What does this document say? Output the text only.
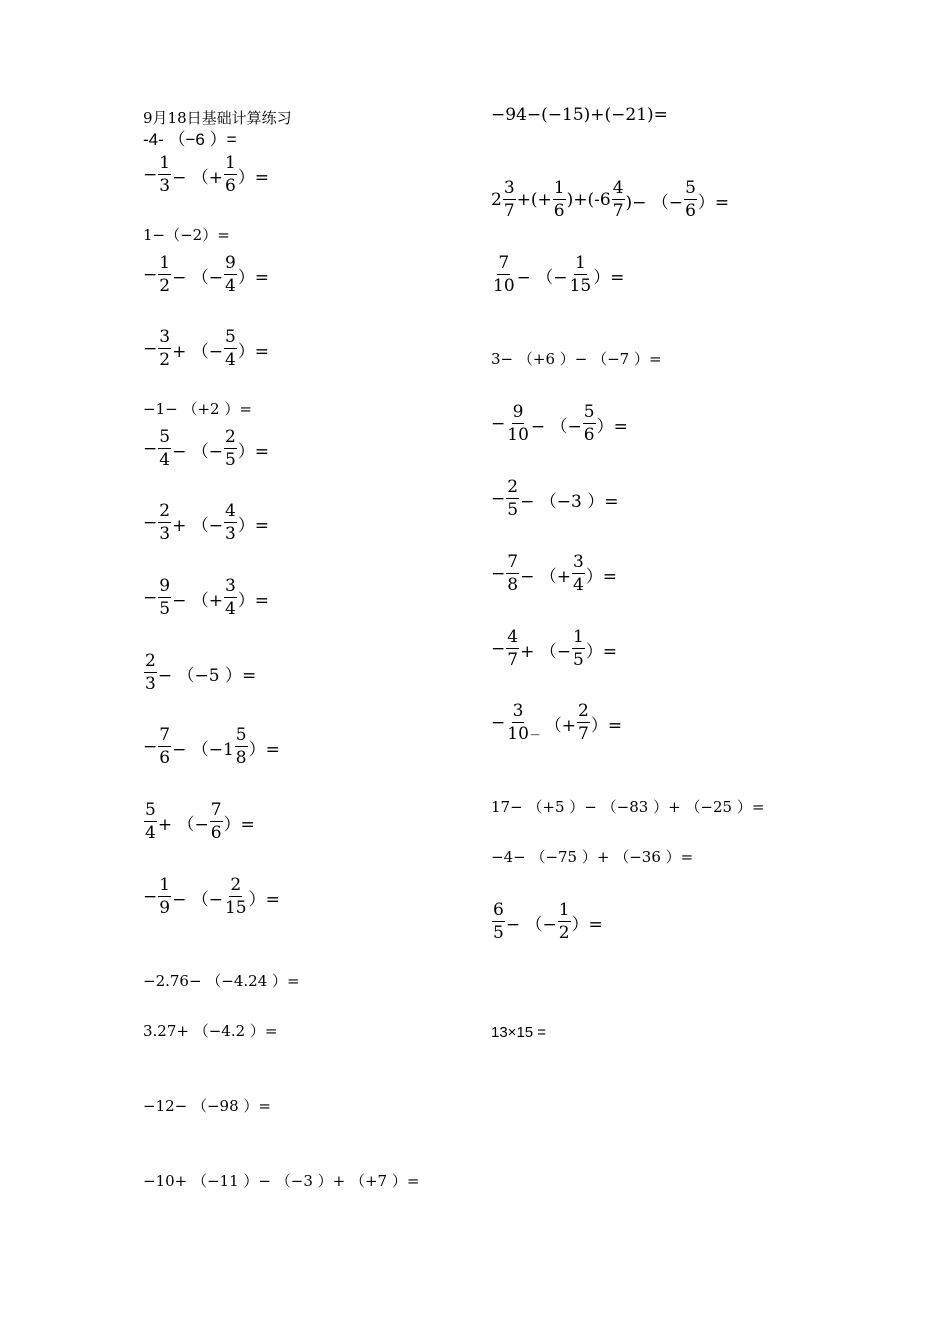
9月18日基础计算练习
-4- （−6 ）=
− $\frac{1}{3}$ − （+ $\frac{1}{6}$ ）=
1−（−2）=
− $\frac{1}{2}$ − （− $\frac{9}{4}$ ）=
− $\frac{3}{2}$ + （− $\frac{5}{4}$ ）=
−1− （+2 ）=
− $\frac{5}{4}$ − （− $\frac{2}{5}$ ）=
− $\frac{2}{3}$ + （− $\frac{4}{3}$ ）=
− $\frac{9}{5}$ − （+ $\frac{3}{4}$ ）=
$\frac{2}{3} - (-5$ ）=
− $\frac{7}{6} - (-1 \frac{5}{8}$ ）=
$\frac{5}{4}$ + （− $\frac{7}{6}$ ）=
− $\frac{1}{9}$ − （− $\frac{2}{15}$ ）=
−2.76− （−4.24 ）=
3.27+ （−4.2 ）=
−12− （−98 ）=
−10+ （−11 ）− （−3 ）+ （+7 ）=
−94−(−15)+(−21)=
$2 \frac{3}{7}$ +( + $\frac{1}{6} )+(-6 \frac{4}{7}$ )− （− $\frac{5}{6}$ ）=
$\frac{7}{10}$ − （− $\frac{1}{15}$ ）=
3− （+6 ）− （−7 ）=
− $\frac{9}{10}$ − （− $\frac{5}{6}$ ）=
− $\frac{2}{5} - (-3$ ）=
− $\frac{7}{8}$ − （+ $\frac{3}{4}$ ）=
− $\frac{4}{7}$ + （− $\frac{1}{5}$ ）=
− $\frac{3}{10}$ _ （+ $\frac{2}{7}$ ）=
17− （+5 ）− （−83 ）+ （−25 ）=
−4− （−75 ）+ （−36 ）=
$\frac{6}{5}$ − （− $\frac{1}{2}$ ）=
13×15 =
